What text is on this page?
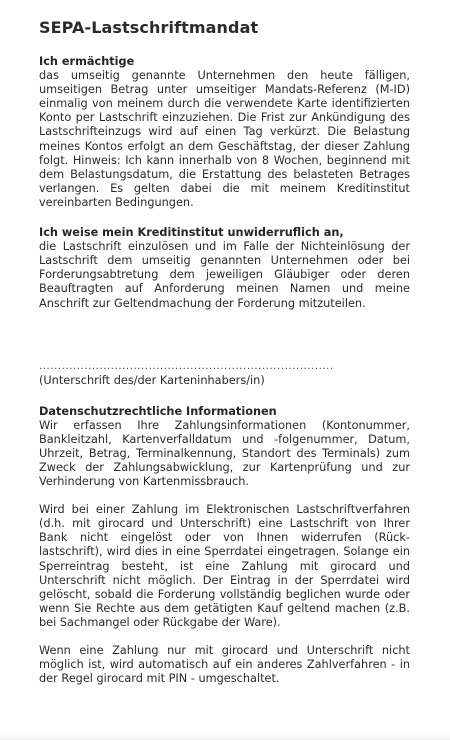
SEPA-Lastschriftmandat
Ich ermächtige
das umseitig genannte Unternehmen den heute fälligen, umseitigen Betrag unter umseitiger Mandats-Referenz (M-ID) einmalig von meinem durch die verwendete Karte identifizierten Konto per Lastschrift einzuziehen. Die Frist zur Ankündigung des Lastschrifteinzugs wird auf einen Tag verkürzt. Die Belastung meines Kontos erfolgt an dem Geschäftstag, der dieser Zahlung folgt. Hinweis: Ich kann innerhalb von 8 Wochen, beginnend mit dem Belastungsdatum, die Erstattung des belasteten Betrages verlangen. Es gelten dabei die mit meinem Kreditinstitut vereinbarten Bedingungen.
Ich weise mein Kreditinstitut unwiderruflich an,
die Lastschrift einzulösen und im Falle der Nichteinlösung der Lastschrift dem umseitig genannten Unternehmen oder bei Forderungsabtretung dem jeweiligen Gläubiger oder deren Beauftragten auf Anforderung meinen Namen und meine Anschrift zur Geltendmachung der Forderung mitzuteilen.
..............................................................................
(Unterschrift des/der Karteninhabers/in)
Datenschutzrechtliche Informationen
Wir erfassen Ihre Zahlungsinformationen (Kontonummer, Bankleitzahl, Kartenverfalldatum und -folgenummer, Datum, Uhrzeit, Betrag, Terminalkennung, Standort des Terminals) zum Zweck der Zahlungsabwicklung, zur Kartenprüfung und zur Verhinderung von Kartenmissbrauch.
Wird bei einer Zahlung im Elektronischen Lastschriftverfahren (d.h. mit girocard und Unterschrift) eine Lastschrift von Ihrer Bank nicht eingelöst oder von Ihnen widerrufen (Rück-lastschrift), wird dies in eine Sperrdatei eingetragen. Solange ein Sperreintrag besteht, ist eine Zahlung mit girocard und Unterschrift nicht möglich. Der Eintrag in der Sperrdatei wird gelöscht, sobald die Forderung vollständig beglichen wurde oder wenn Sie Rechte aus dem getätigten Kauf geltend machen (z.B. bei Sachmangel oder Rückgabe der Ware).
Wenn eine Zahlung nur mit girocard und Unterschrift nicht möglich ist, wird automatisch auf ein anderes Zahlverfahren - in der Regel girocard mit PIN - umgeschaltet.
